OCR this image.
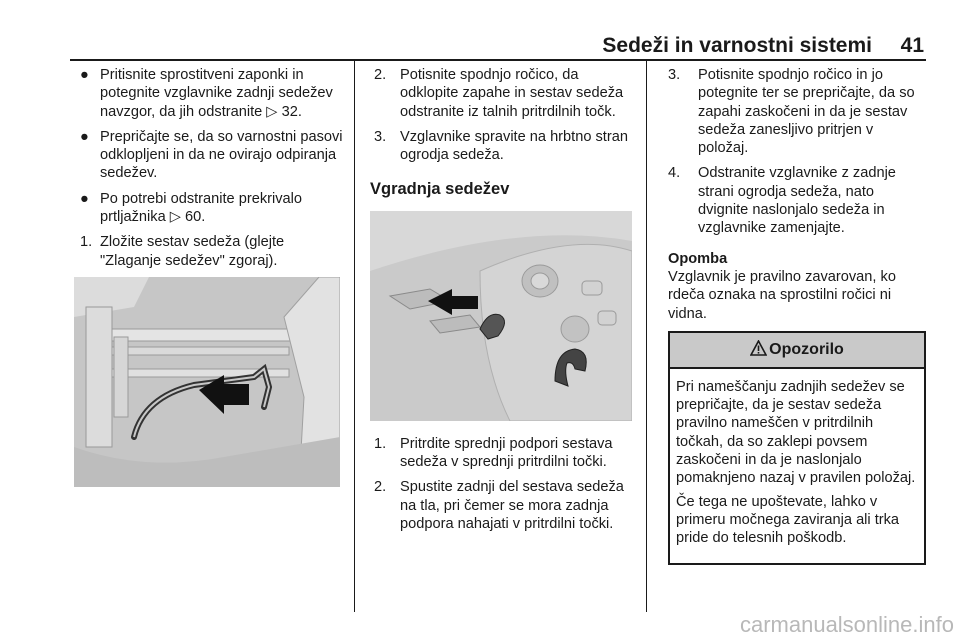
Sedeži in varnostni sistemi	41
● Pritisnite sprostitveni zaponki in potegnite vzglavnike zadnji sedežev navzgor, da jih odstranite ▷ 32.
● Prepričajte se, da so varnostni pasovi odklopljeni in da ne ovirajo odpiranja sedežev.
● Po potrebi odstranite prekrivalo prtljažnika ▷ 60.
1. Zložite sestav sedeža (glejte "Zlaganje sedežev" zgoraj).
2. Potisnite spodnjo ročico, da odklopite zapahe in sestav sedeža odstranite iz talnih pritrdilnih točk.
3. Vzglavnike spravite na hrbtno stran ogrodja sedeža.
Vgradnja sedežev
1. Pritrdite sprednji podpori sestava sedeža v sprednji pritrdilni točki.
2. Spustite zadnji del sestava sedeža na tla, pri čemer se mora zadnja podpora nahajati v pritrdilni točki.
3. Potisnite spodnjo ročico in jo potegnite ter se prepričajte, da so zapahi zaskočeni in da je sestav sedeža zanesljivo pritrjen v položaj.
4. Odstranite vzglavnike z zadnje strani ogrodja sedeža, nato dvignite naslonjalo sedeža in vzglavnike zamenjajte.
Opomba
Vzglavnik je pravilno zavarovan, ko rdeča oznaka na sprostilni ročici ni vidna.
Opozorilo

Pri nameščanju zadnjih sedežev se prepričajte, da je sestav sedeža pravilno nameščen v pritrdilnih točkah, da so zaklepi povsem zaskočeni in da je naslonjalo pomaknjeno nazaj v pravilen položaj.

Če tega ne upoštevate, lahko v primeru močnega zaviranja ali trka pride do telesnih poškodb.

carmanualsonline.info
